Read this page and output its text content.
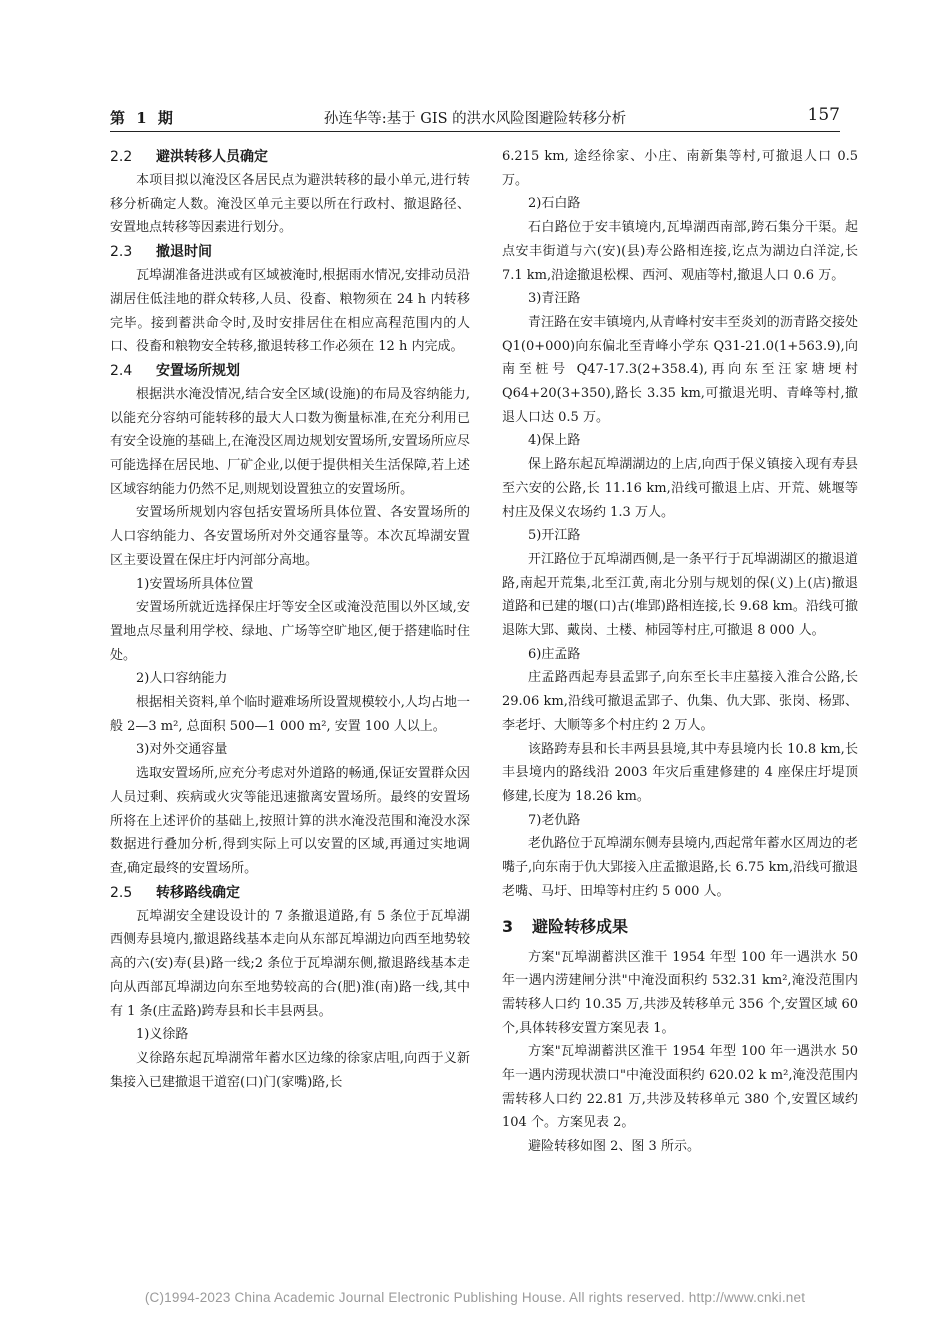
第 1 期	孙连华等:基于 GIS 的洪水风险图避险转移分析	157
2.2 避洪转移人员确定

本项目拟以淹没区各居民点为避洪转移的最小单元,进行转移分析确定人数。淹没区单元主要以所在行政村、撤退路径、安置地点转移等因素进行划分。

2.3 撤退时间

瓦埠湖准备进洪或有区域被淹时,根据雨水情况,安排动员沿湖居住低洼地的群众转移,人员、役畜、粮物须在 24 h 内转移完毕。接到蓄洪命令时,及时安排居住在相应高程范围内的人口、役畜和粮物安全转移,撤退转移工作必须在 12 h 内完成。

2.4 安置场所规划

根据洪水淹没情况,结合安全区域(设施)的布局及容纳能力,以能充分容纳可能转移的最大人口数为衡量标准,在充分利用已有安全设施的基础上,在淹没区周边规划安置场所,安置场所应尽可能选择在居民地、厂矿企业,以便于提供相关生活保障,若上述区域容纳能力仍然不足,则规划设置独立的安置场所。

安置场所规划内容包括安置场所具体位置、各安置场所的人口容纳能力、各安置场所对外交通容量等。本次瓦埠湖安置区主要设置在保庄圩内河部分高地。

1)安置场所具体位置

安置场所就近选择保庄圩等安全区或淹没范围以外区域,安置地点尽量利用学校、绿地、广场等空旷地区,便于搭建临时住处。

2)人口容纳能力

根据相关资料,单个临时避难场所设置规模较小,人均占地一般 2—3 m², 总面积 500—1 000 m², 安置 100 人以上。

3)对外交通容量

选取安置场所,应充分考虑对外道路的畅通,保证安置群众因人员过剩、疾病或火灾等能迅速撤离安置场所。最终的安置场所将在上述评价的基础上,按照计算的洪水淹没范围和淹没水深数据进行叠加分析,得到实际上可以安置的区域,再通过实地调查,确定最终的安置场所。

2.5 转移路线确定

瓦埠湖安全建设设计的 7 条撤退道路,有 5 条位于瓦埠湖西侧寿县境内,撤退路线基本走向从东部瓦埠湖边向西至地势较高的六(安)寿(县)路一线;2 条位于瓦埠湖东侧,撤退路线基本走向从西部瓦埠湖边向东至地势较高的合(肥)淮(南)路一线,其中有 1 条(庄孟路)跨寿县和长丰县两县。

1)义徐路

义徐路东起瓦埠湖常年蓄水区边缘的徐家店咀,向西于义新集接入已建撤退干道窑(口)门(家嘴)路,长

6.215 km, 途经徐家、小庄、南新集等村,可撤退人口 0.5 万。

2)石白路

石白路位于安丰镇境内,瓦埠湖西南部,跨石集分干渠。起点安丰街道与六(安)(县)寿公路相连接,讫点为湖边白洋淀,长 7.1 km,沿途撤退松棵、西河、观庙等村,撤退人口 0.6 万。

3)青汪路

青汪路在安丰镇境内,从青峰村安丰至炎刘的沥青路交接处 Q1(0+000)向东偏北至青峰小学东 Q31-21.0(1+563.9),向南至桩号 Q47-17.3(2+358.4),再向东至汪家塘埂村 Q64+20(3+350),路长 3.35 km,可撤退光明、青峰等村,撤退人口达 0.5 万。

4)保上路

保上路东起瓦埠湖湖边的上店,向西于保义镇接入现有寿县至六安的公路,长 11.16 km,沿线可撤退上店、开荒、姚堰等村庄及保义农场约 1.3 万人。

5)开江路

开江路位于瓦埠湖西侧,是一条平行于瓦埠湖湖区的撤退道路,南起开荒集,北至江黄,南北分别与规划的保(义)上(店)撤退道路和已建的堰(口)古(堆郢)路相连接,长 9.68 km。沿线可撤退陈大郢、戴岗、土楼、柿园等村庄,可撤退 8 000 人。

6)庄孟路

庄孟路西起寿县孟郢子,向东至长丰庄墓接入淮合公路,长 29.06 km,沿线可撤退孟郢子、仇集、仇大郢、张岗、杨郢、李老圩、大顺等多个村庄约 2 万人。

该路跨寿县和长丰两县县境,其中寿县境内长 10.8 km,长丰县境内的路线沿 2003 年灾后重建修建的 4 座保庄圩堤顶修建,长度为 18.26 km。

7)老仇路

老仇路位于瓦埠湖东侧寿县境内,西起常年蓄水区周边的老嘴子,向东南于仇大郢接入庄孟撤退路,长 6.75 km,沿线可撤退老嘴、马圩、田埠等村庄约 5 000 人。

3 避险转移成果

方案"瓦埠湖蓄洪区淮干 1954 年型 100 年一遇洪水 50 年一遇内涝建闸分洪"中淹没面积约 532.31 km²,淹没范围内需转移人口约 10.35 万,共涉及转移单元 356 个,安置区域 60 个,具体转移安置方案见表 1。

方案"瓦埠湖蓄洪区淮干 1954 年型 100 年一遇洪水 50 年一遇内涝现状溃口"中淹没面积约 620.02 k m²,淹没范围内需转移人口约 22.81 万,共涉及转移单元 380 个,安置区域约 104 个。方案见表 2。

避险转移如图 2、图 3 所示。

(C)1994-2023 China Academic Journal Electronic Publishing House. All rights reserved. http://www.cnki.net
